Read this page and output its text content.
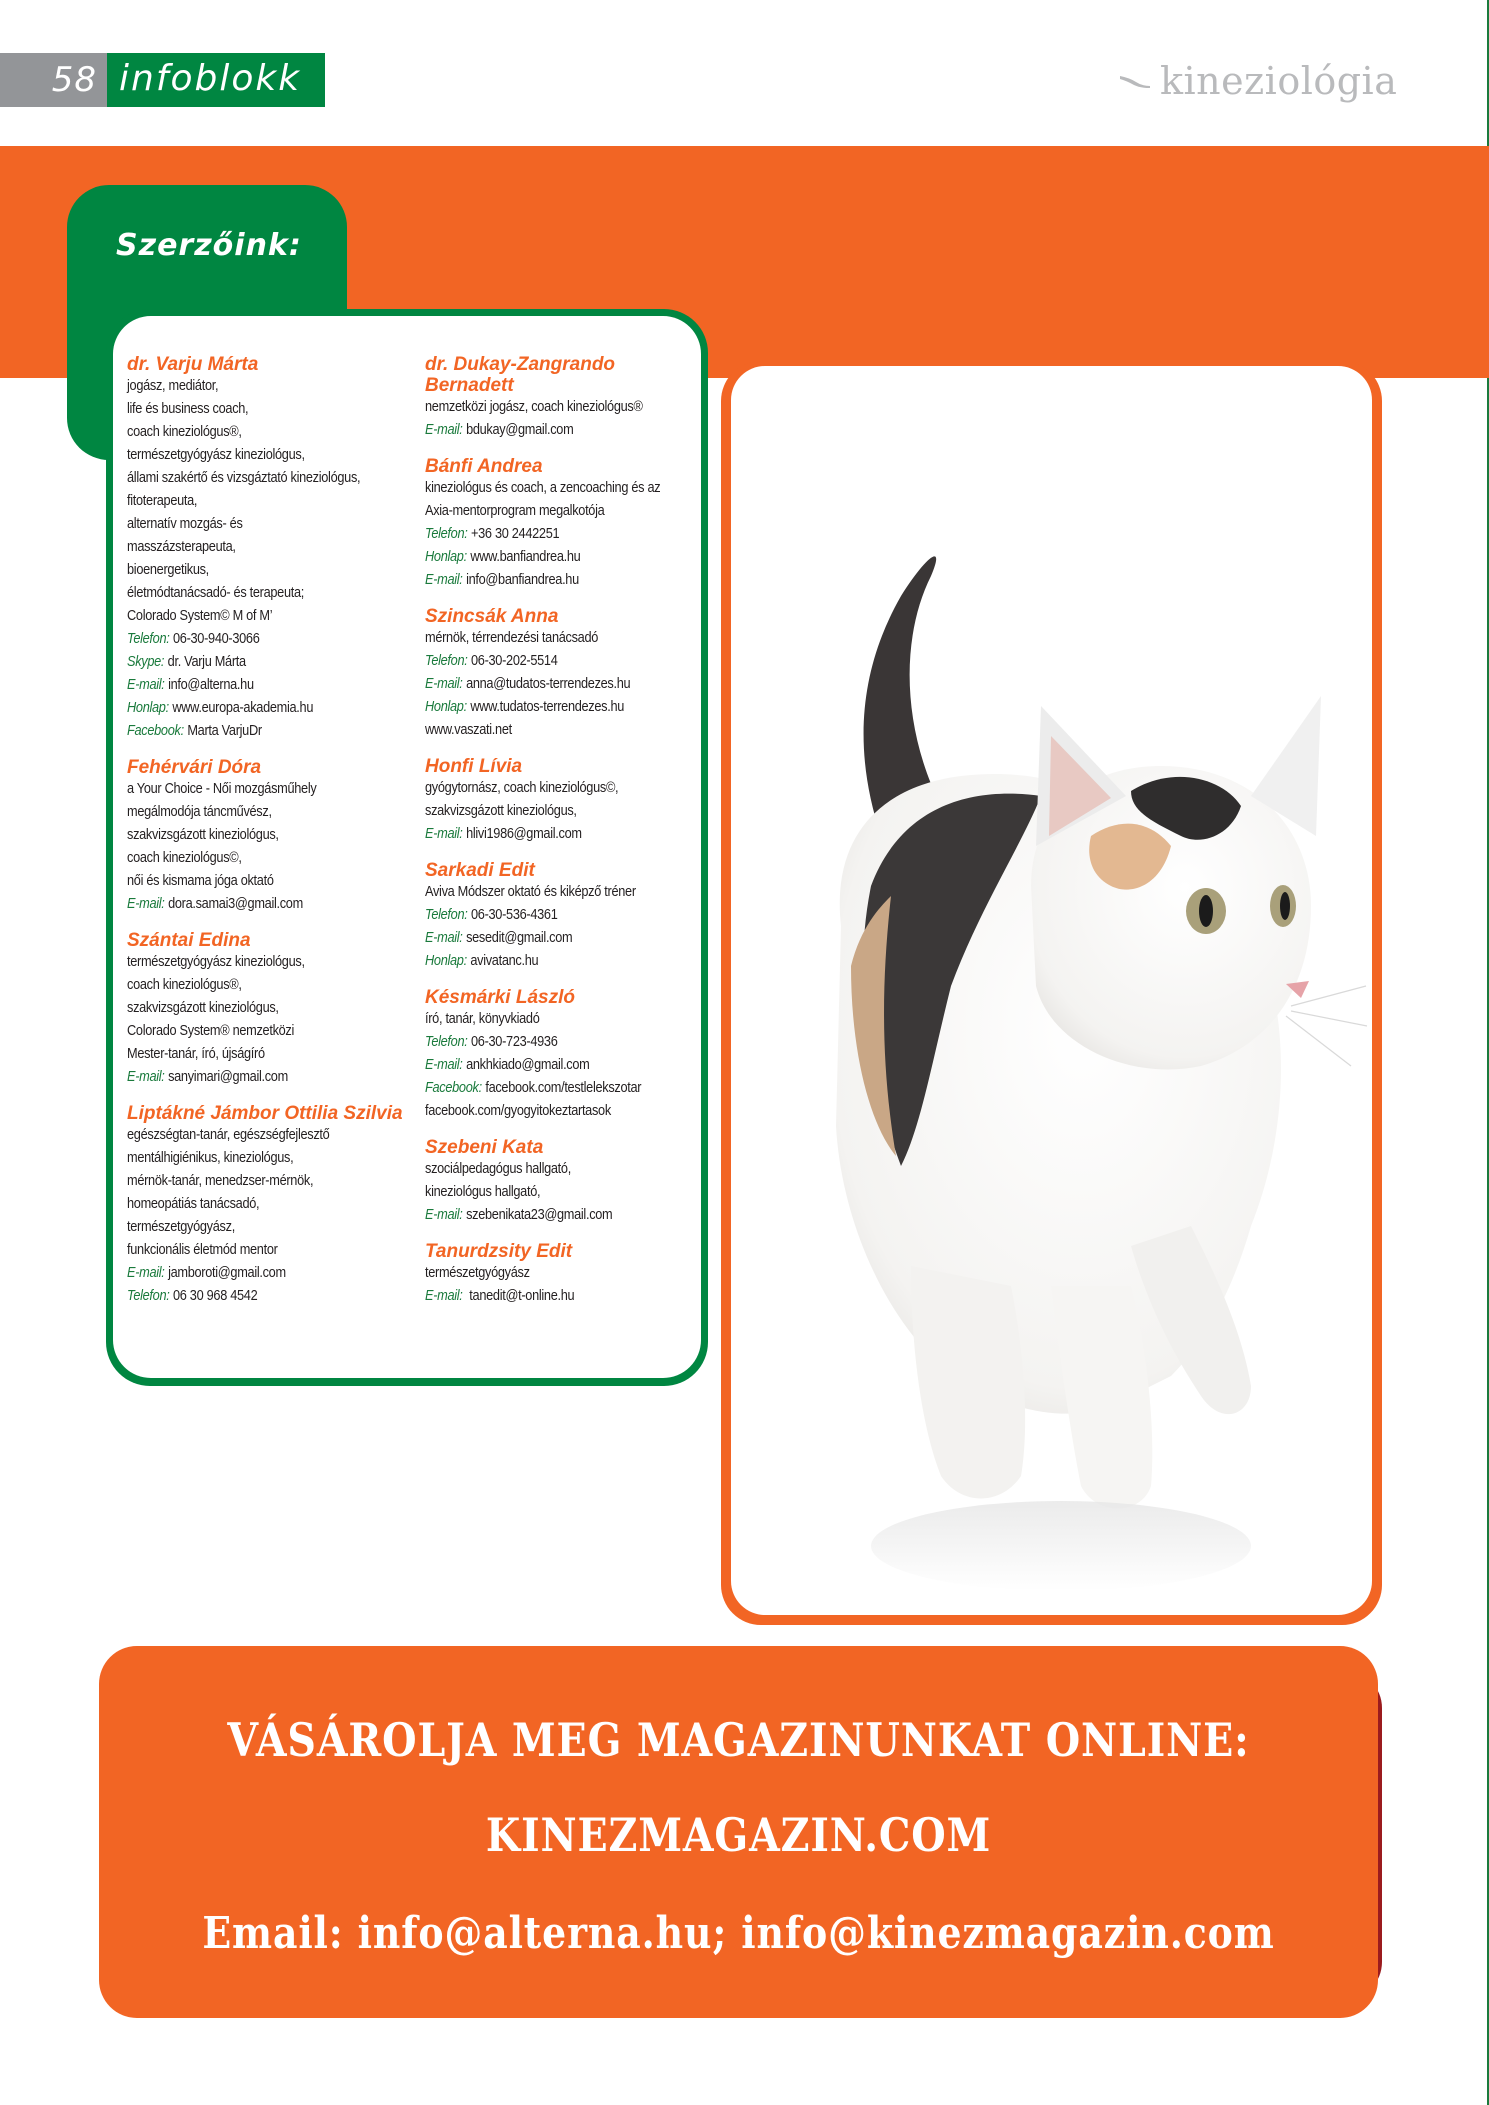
58 infoblokk	kineziológia
Szerzőink:
dr. Varju Márta
jogász, mediátor,
life és business coach,
coach kineziológus®,
természetgyógyász kineziológus,
állami szakértő és vizsgáztató kineziológus,
fitoterapeuta,
alternatív mozgás- és
masszázsterapeuta,
bioenergetikus,
életmódtanácsadó- és terapeuta;
Colorado System© M of M’
Telefon: 06-30-940-3066
Skype: dr. Varju Márta
E-mail: info@alterna.hu
Honlap: www.europa-akademia.hu
Facebook: Marta VarjuDr
Fehérvári Dóra
a Your Choice - Női mozgásműhely
megálmodója táncművész,
szakvizsgázott kineziológus,
coach kineziológus©,
női és kismama jóga oktató
E-mail: dora.samai3@gmail.com
Szántai Edina
természetgyógyász kineziológus,
coach kineziológus®,
szakvizsgázott kineziológus,
Colorado System® nemzetközi
Mester-tanár, író, újságíró
E-mail: sanyimari@gmail.com
Liptákné Jámbor Ottilia Szilvia
egészségtan-tanár, egészségfejlesztő
mentálhigiénikus, kineziológus,
mérnök-tanár, menedzser-mérnök,
homeopátiás tanácsadó,
természetgyógyász,
funkcionális életmód mentor
E-mail: jamboroti@gmail.com
Telefon: 06 30 968 4542
dr. Dukay-Zangrando Bernadett
nemzetközi jogász, coach kineziológus®
E-mail: bdukay@gmail.com
Bánfi Andrea
kineziológus és coach, a zencoaching és az
Axia-mentorprogram megalkotója
Telefon: +36 30 2442251
Honlap: www.banfiandrea.hu
E-mail: info@banfiandrea.hu
Szincsák Anna
mérnök, térrendezési tanácsadó
Telefon: 06-30-202-5514
E-mail: anna@tudatos-terrendezes.hu
Honlap: www.tudatos-terrendezes.hu
www.vaszati.net
Honfi Lívia
gyógytornász, coach kineziológus©,
szakvizsgázott kineziológus,
E-mail: hlivi1986@gmail.com
Sarkadi Edit
Aviva Módszer oktató és kiképző tréner
Telefon: 06-30-536-4361
E-mail: sesedit@gmail.com
Honlap: avivatanc.hu
Késmárki László
író, tanár, könyvkiadó
Telefon: 06-30-723-4936
E-mail: ankhkiado@gmail.com
Facebook: facebook.com/testlelekszotar
facebook.com/gyogyitokeztartasok
Szebeni Kata
szociálpedagógus hallgató,
kineziológus hallgató,
E-mail: szebenikata23@gmail.com
Tanurdzsity Edit
természetgyógyász
E-mail: tanedit@t-online.hu
VÁSÁROLJA MEG MAGAZINUNKAT ONLINE:
KINEZMAGAZIN.COM
Email: info@alterna.hu; info@kinezmagazin.com
